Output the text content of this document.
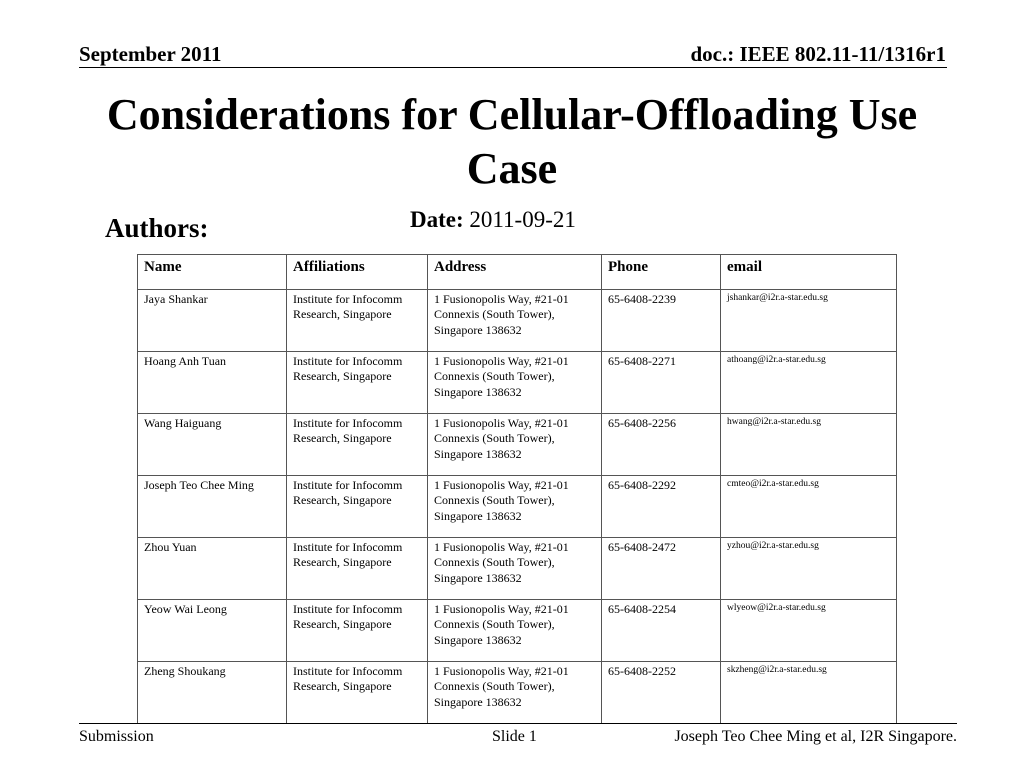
September 2011	doc.: IEEE 802.11-11/1316r1
Considerations for Cellular-Offloading Use Case
Authors:	Date: 2011-09-21
Name	Affiliations	Address	Phone	email
Jaya Shankar	Institute for Infocomm Research, Singapore	1 Fusionopolis Way, #21-01 Connexis (South Tower),
Singapore 138632	65-6408-2239	jshankar@i2r.a-star.edu.sg
Hoang Anh Tuan	Institute for Infocomm Research, Singapore	1 Fusionopolis Way, #21-01 Connexis (South Tower),
Singapore 138632	65-6408-2271	athoang@i2r.a-star.edu.sg
Wang Haiguang	Institute for Infocomm Research, Singapore	1 Fusionopolis Way, #21-01 Connexis (South Tower),
Singapore 138632	65-6408-2256	hwang@i2r.a-star.edu.sg
Joseph Teo Chee Ming	Institute for Infocomm Research, Singapore	1 Fusionopolis Way, #21-01 Connexis (South Tower),
Singapore 138632	65-6408-2292	cmteo@i2r.a-star.edu.sg
Zhou Yuan	Institute for Infocomm Research, Singapore	1 Fusionopolis Way, #21-01 Connexis (South Tower),
Singapore 138632	65-6408-2472	yzhou@i2r.a-star.edu.sg
Yeow Wai Leong	Institute for Infocomm Research, Singapore	1 Fusionopolis Way, #21-01 Connexis (South Tower),
Singapore 138632	65-6408-2254	wlyeow@i2r.a-star.edu.sg
Zheng Shoukang	Institute for Infocomm Research, Singapore	1 Fusionopolis Way, #21-01 Connexis (South Tower),
Singapore 138632	65-6408-2252	skzheng@i2r.a-star.edu.sg
Submission	Slide 1	Joseph Teo Chee Ming et al, I2R Singapore.
